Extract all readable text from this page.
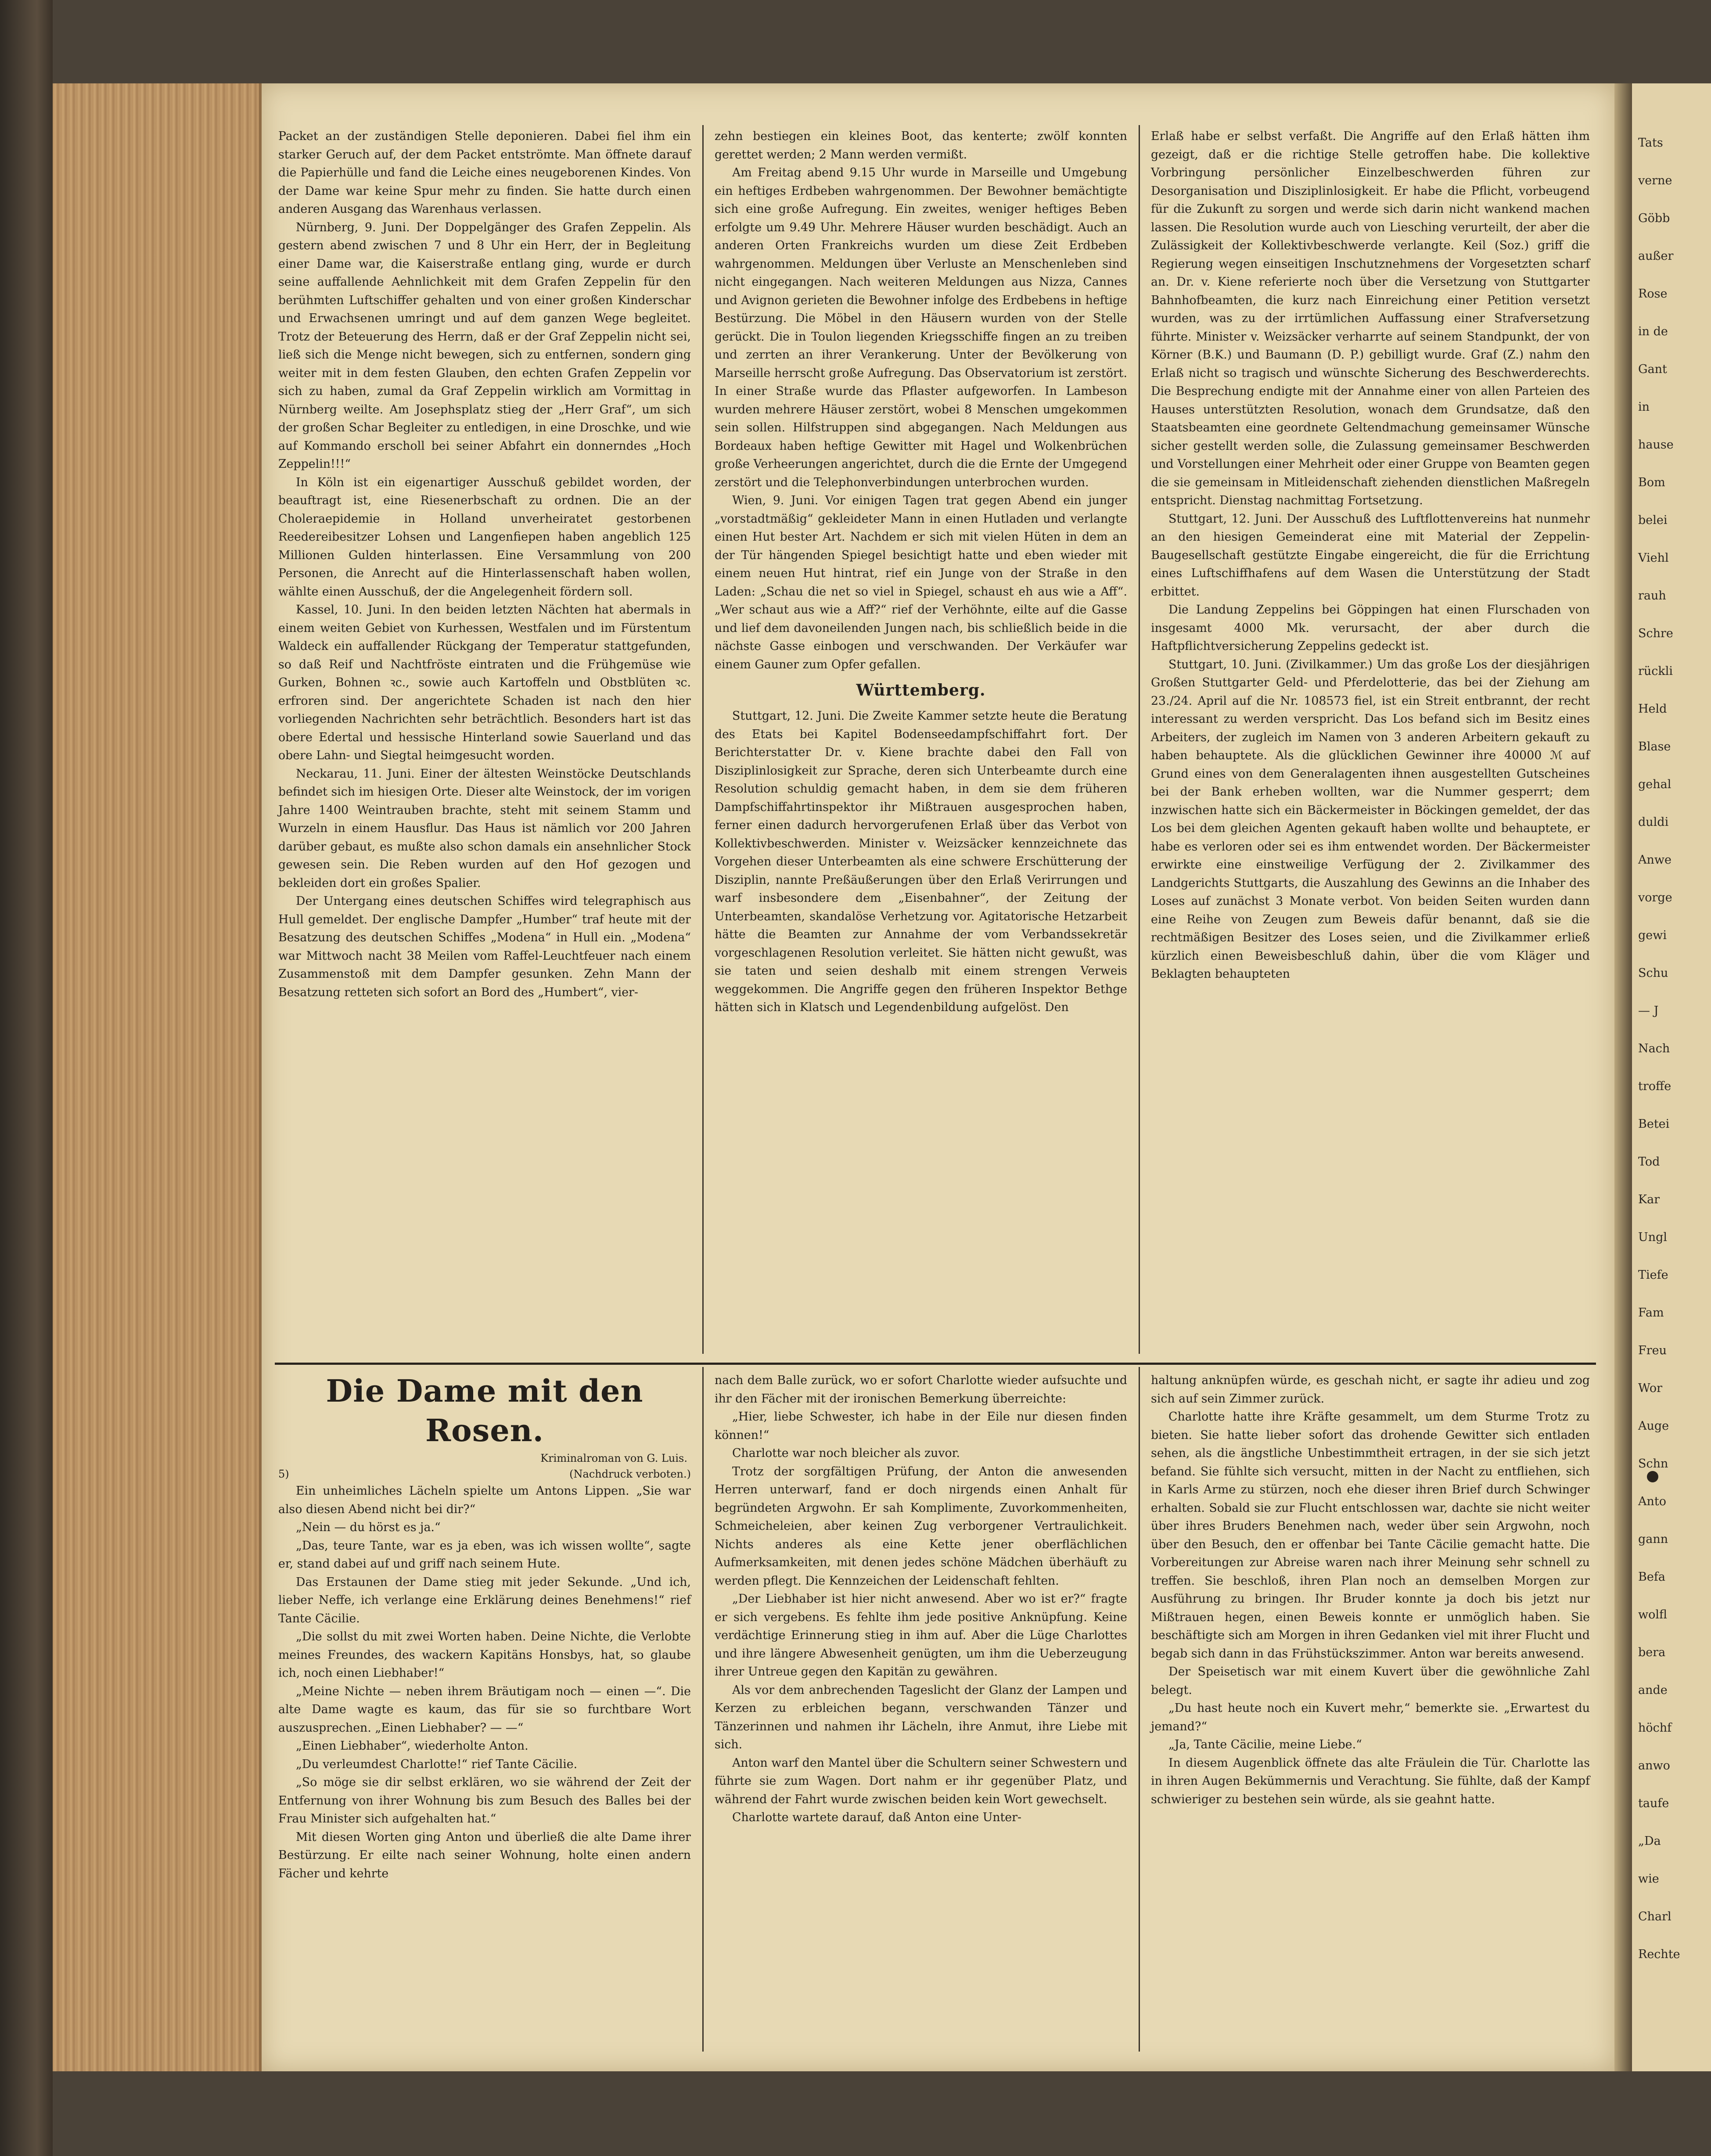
Packet an der zuständigen Stelle deponieren. Dabei fiel ihm ein starker Geruch auf, der dem Packet entströmte. Man öffnete darauf die Papierhülle und fand die Leiche eines neugeborenen Kindes. Von der Dame war keine Spur mehr zu finden. Sie hatte durch einen anderen Ausgang das Warenhaus verlassen.

Nürnberg, 9. Juni. Der Doppelgänger des Grafen Zeppelin. Als gestern abend zwischen 7 und 8 Uhr ein Herr, der in Begleitung einer Dame war, die Kaiserstraße entlang ging, wurde er durch seine auffallende Aehnlichkeit mit dem Grafen Zeppelin für den berühmten Luftschiffer gehalten und von einer großen Kinderschar und Erwachsenen umringt und auf dem ganzen Wege begleitet. Trotz der Beteuerung des Herrn, daß er der Graf Zeppelin nicht sei, ließ sich die Menge nicht bewegen, sich zu entfernen, sondern ging weiter mit in dem festen Glauben, den echten Grafen Zeppelin vor sich zu haben, zumal da Graf Zeppelin wirklich am Vormittag in Nürnberg weilte. Am Josephsplatz stieg der „Herr Graf“, um sich der großen Schar Begleiter zu entledigen, in eine Droschke, und wie auf Kommando erscholl bei seiner Abfahrt ein donnerndes „Hoch Zeppelin!!!“

In Köln ist ein eigenartiger Ausschuß gebildet worden, der beauftragt ist, eine Riesenerbschaft zu ordnen. Die an der Choleraepidemie in Holland unverheiratet gestorbenen Reedereibesitzer Lohsen und Langenfiepen haben angeblich 125 Millionen Gulden hinterlassen. Eine Versammlung von 200 Personen, die Anrecht auf die Hinterlassenschaft haben wollen, wählte einen Ausschuß, der die Angelegenheit fördern soll.

Kassel, 10. Juni. In den beiden letzten Nächten hat abermals in einem weiten Gebiet von Kurhessen, Westfalen und im Fürstentum Waldeck ein auffallender Rückgang der Temperatur stattgefunden, so daß Reif und Nachtfröste eintraten und die Frühgemüse wie Gurken, Bohnen ꝛc., sowie auch Kartoffeln und Obstblüten ꝛc. erfroren sind. Der angerichtete Schaden ist nach den hier vorliegenden Nachrichten sehr beträchtlich. Besonders hart ist das obere Edertal und hessische Hinterland sowie Sauerland und das obere Lahn- und Siegtal heimgesucht worden.

Neckarau, 11. Juni. Einer der ältesten Weinstöcke Deutschlands befindet sich im hiesigen Orte. Dieser alte Weinstock, der im vorigen Jahre 1400 Weintrauben brachte, steht mit seinem Stamm und Wurzeln in einem Hausflur. Das Haus ist nämlich vor 200 Jahren darüber gebaut, es mußte also schon damals ein ansehnlicher Stock gewesen sein. Die Reben wurden auf den Hof gezogen und bekleiden dort ein großes Spalier.

Der Untergang eines deutschen Schiffes wird telegraphisch aus Hull gemeldet. Der englische Dampfer „Humber“ traf heute mit der Besatzung des deutschen Schiffes „Modena“ in Hull ein. „Modena“ war Mittwoch nacht 38 Meilen vom Raffel-Leuchtfeuer nach einem Zusammenstoß mit dem Dampfer gesunken. Zehn Mann der Besatzung retteten sich sofort an Bord des „Humbert“, vier-

zehn bestiegen ein kleines Boot, das kenterte; zwölf konnten gerettet werden; 2 Mann werden vermißt.

Am Freitag abend 9.15 Uhr wurde in Marseille und Umgebung ein heftiges Erdbeben wahrgenommen. Der Bewohner bemächtigte sich eine große Aufregung. Ein zweites, weniger heftiges Beben erfolgte um 9.49 Uhr. Mehrere Häuser wurden beschädigt. Auch an anderen Orten Frankreichs wurden um diese Zeit Erdbeben wahrgenommen. Meldungen über Verluste an Menschenleben sind nicht eingegangen. Nach weiteren Meldungen aus Nizza, Cannes und Avignon gerieten die Bewohner infolge des Erdbebens in heftige Bestürzung. Die Möbel in den Häusern wurden von der Stelle gerückt. Die in Toulon liegenden Kriegsschiffe fingen an zu treiben und zerrten an ihrer Verankerung. Unter der Bevölkerung von Marseille herrscht große Aufregung. Das Observatorium ist zerstört. In einer Straße wurde das Pflaster aufgeworfen. In Lambeson wurden mehrere Häuser zerstört, wobei 8 Menschen umgekommen sein sollen. Hilfstruppen sind abgegangen. Nach Meldungen aus Bordeaux haben heftige Gewitter mit Hagel und Wolkenbrüchen große Verheerungen angerichtet, durch die die Ernte der Umgegend zerstört und die Telephonverbindungen unterbrochen wurden.

Wien, 9. Juni. Vor einigen Tagen trat gegen Abend ein junger „vorstadtmäßig“ gekleideter Mann in einen Hutladen und verlangte einen Hut bester Art. Nachdem er sich mit vielen Hüten in dem an der Tür hängenden Spiegel besichtigt hatte und eben wieder mit einem neuen Hut hintrat, rief ein Junge von der Straße in den Laden: „Schau die net so viel in Spiegel, schaust eh aus wie a Aff“. „Wer schaut aus wie a Aff?“ rief der Verhöhnte, eilte auf die Gasse und lief dem davoneilenden Jungen nach, bis schließlich beide in die nächste Gasse einbogen und verschwanden. Der Verkäufer war einem Gauner zum Opfer gefallen.

Württemberg.

Stuttgart, 12. Juni. Die Zweite Kammer setzte heute die Beratung des Etats bei Kapitel Bodenseedampfschiffahrt fort. Der Berichterstatter Dr. v. Kiene brachte dabei den Fall von Disziplinlosigkeit zur Sprache, deren sich Unterbeamte durch eine Resolution schuldig gemacht haben, in dem sie dem früheren Dampfschiffahrtinspektor ihr Mißtrauen ausgesprochen haben, ferner einen dadurch hervorgerufenen Erlaß über das Verbot von Kollektivbeschwerden. Minister v. Weizsäcker kennzeichnete das Vorgehen dieser Unterbeamten als eine schwere Erschütterung der Disziplin, nannte Preßäußerungen über den Erlaß Verirrungen und warf insbesondere dem „Eisenbahner“, der Zeitung der Unterbeamten, skandalöse Verhetzung vor. Agitatorische Hetzarbeit hätte die Beamten zur Annahme der vom Verbandssekretär vorgeschlagenen Resolution verleitet. Sie hätten nicht gewußt, was sie taten und seien deshalb mit einem strengen Verweis weggekommen. Die Angriffe gegen den früheren Inspektor Bethge hätten sich in Klatsch und Legendenbildung aufgelöst. Den

Erlaß habe er selbst verfaßt. Die Angriffe auf den Erlaß hätten ihm gezeigt, daß er die richtige Stelle getroffen habe. Die kollektive Vorbringung persönlicher Einzelbeschwerden führen zur Desorganisation und Disziplinlosigkeit. Er habe die Pflicht, vorbeugend für die Zukunft zu sorgen und werde sich darin nicht wankend machen lassen. Die Resolution wurde auch von Liesching verurteilt, der aber die Zulässigkeit der Kollektivbeschwerde verlangte. Keil (Soz.) griff die Regierung wegen einseitigen Inschutznehmens der Vorgesetzten scharf an. Dr. v. Kiene referierte noch über die Versetzung von Stuttgarter Bahnhofbeamten, die kurz nach Einreichung einer Petition versetzt wurden, was zu der irrtümlichen Auffassung einer Strafversetzung führte. Minister v. Weizsäcker verharrte auf seinem Standpunkt, der von Körner (B.K.) und Baumann (D. P.) gebilligt wurde. Graf (Z.) nahm den Erlaß nicht so tragisch und wünschte Sicherung des Beschwerderechts. Die Besprechung endigte mit der Annahme einer von allen Parteien des Hauses unterstützten Resolution, wonach dem Grundsatze, daß den Staatsbeamten eine geordnete Geltendmachung gemeinsamer Wünsche sicher gestellt werden solle, die Zulassung gemeinsamer Beschwerden und Vorstellungen einer Mehrheit oder einer Gruppe von Beamten gegen die sie gemeinsam in Mitleidenschaft ziehenden dienstlichen Maßregeln entspricht. Dienstag nachmittag Fortsetzung.

Stuttgart, 12. Juni. Der Ausschuß des Luftflottenvereins hat nunmehr an den hiesigen Gemeinderat eine mit Material der Zeppelin-Baugesellschaft gestützte Eingabe eingereicht, die für die Errichtung eines Luftschiffhafens auf dem Wasen die Unterstützung der Stadt erbittet.

Die Landung Zeppelins bei Göppingen hat einen Flurschaden von insgesamt 4000 Mk. verursacht, der aber durch die Haftpflichtversicherung Zeppelins gedeckt ist.

Stuttgart, 10. Juni. (Zivilkammer.) Um das große Los der diesjährigen Großen Stuttgarter Geld- und Pferdelotterie, das bei der Ziehung am 23./24. April auf die Nr. 108573 fiel, ist ein Streit entbrannt, der recht interessant zu werden verspricht. Das Los befand sich im Besitz eines Arbeiters, der zugleich im Namen von 3 anderen Arbeitern gekauft zu haben behauptete. Als die glücklichen Gewinner ihre 40000 ℳ auf Grund eines von dem Generalagenten ihnen ausgestellten Gutscheines bei der Bank erheben wollten, war die Nummer gesperrt; dem inzwischen hatte sich ein Bäckermeister in Böckingen gemeldet, der das Los bei dem gleichen Agenten gekauft haben wollte und behauptete, er habe es verloren oder sei es ihm entwendet worden. Der Bäckermeister erwirkte eine einstweilige Verfügung der 2. Zivilkammer des Landgerichts Stuttgarts, die Auszahlung des Gewinns an die Inhaber des Loses auf zunächst 3 Monate verbot. Von beiden Seiten wurden dann eine Reihe von Zeugen zum Beweis dafür benannt, daß sie die rechtmäßigen Besitzer des Loses seien, und die Zivilkammer erließ kürzlich einen Beweisbeschluß dahin, über die vom Kläger und Beklagten behaupteten

Die Dame mit den Rosen.
Kriminalroman von G. Luis.
5)	(Nachdruck verboten.)

Ein unheimliches Lächeln spielte um Antons Lippen. „Sie war also diesen Abend nicht bei dir?“

„Nein — du hörst es ja.“

„Das, teure Tante, war es ja eben, was ich wissen wollte“, sagte er, stand dabei auf und griff nach seinem Hute.

Das Erstaunen der Dame stieg mit jeder Sekunde. „Und ich, lieber Neffe, ich verlange eine Erklärung deines Benehmens!“ rief Tante Cäcilie.

„Die sollst du mit zwei Worten haben. Deine Nichte, die Verlobte meines Freundes, des wackern Kapitäns Honsbys, hat, so glaube ich, noch einen Liebhaber!“

„Meine Nichte — neben ihrem Bräutigam noch — einen —“. Die alte Dame wagte es kaum, das für sie so furchtbare Wort auszusprechen. „Einen Liebhaber? — —“

„Einen Liebhaber“, wiederholte Anton.

„Du verleumdest Charlotte!“ rief Tante Cäcilie.

„So möge sie dir selbst erklären, wo sie während der Zeit der Entfernung von ihrer Wohnung bis zum Besuch des Balles bei der Frau Minister sich aufgehalten hat.“

Mit diesen Worten ging Anton und überließ die alte Dame ihrer Bestürzung. Er eilte nach seiner Wohnung, holte einen andern Fächer und kehrte

nach dem Balle zurück, wo er sofort Charlotte wieder aufsuchte und ihr den Fächer mit der ironischen Bemerkung überreichte:

„Hier, liebe Schwester, ich habe in der Eile nur diesen finden können!“

Charlotte war noch bleicher als zuvor.

Trotz der sorgfältigen Prüfung, der Anton die anwesenden Herren unterwarf, fand er doch nirgends einen Anhalt für begründeten Argwohn. Er sah Komplimente, Zuvorkommenheiten, Schmeicheleien, aber keinen Zug verborgener Vertraulichkeit. Nichts anderes als eine Kette jener oberflächlichen Aufmerksamkeiten, mit denen jedes schöne Mädchen überhäuft zu werden pflegt. Die Kennzeichen der Leidenschaft fehlten.

„Der Liebhaber ist hier nicht anwesend. Aber wo ist er?“ fragte er sich vergebens. Es fehlte ihm jede positive Anknüpfung. Keine verdächtige Erinnerung stieg in ihm auf. Aber die Lüge Charlottes und ihre längere Abwesenheit genügten, um ihm die Ueberzeugung ihrer Untreue gegen den Kapitän zu gewähren.

Als vor dem anbrechenden Tageslicht der Glanz der Lampen und Kerzen zu erbleichen begann, verschwanden Tänzer und Tänzerinnen und nahmen ihr Lächeln, ihre Anmut, ihre Liebe mit sich.

Anton warf den Mantel über die Schultern seiner Schwestern und führte sie zum Wagen. Dort nahm er ihr gegenüber Platz, und während der Fahrt wurde zwischen beiden kein Wort gewechselt.

Charlotte wartete darauf, daß Anton eine Unter-

haltung anknüpfen würde, es geschah nicht, er sagte ihr adieu und zog sich auf sein Zimmer zurück.

Charlotte hatte ihre Kräfte gesammelt, um dem Sturme Trotz zu bieten. Sie hatte lieber sofort das drohende Gewitter sich entladen sehen, als die ängstliche Unbestimmtheit ertragen, in der sie sich jetzt befand. Sie fühlte sich versucht, mitten in der Nacht zu entfliehen, sich in Karls Arme zu stürzen, noch ehe dieser ihren Brief durch Schwinger erhalten. Sobald sie zur Flucht entschlossen war, dachte sie nicht weiter über ihres Bruders Benehmen nach, weder über sein Argwohn, noch über den Besuch, den er offenbar bei Tante Cäcilie gemacht hatte. Die Vorbereitungen zur Abreise waren nach ihrer Meinung sehr schnell zu treffen. Sie beschloß, ihren Plan noch an demselben Morgen zur Ausführung zu bringen. Ihr Bruder konnte ja doch bis jetzt nur Mißtrauen hegen, einen Beweis konnte er unmöglich haben. Sie beschäftigte sich am Morgen in ihren Gedanken viel mit ihrer Flucht und begab sich dann in das Frühstückszimmer. Anton war bereits anwesend.

Der Speisetisch war mit einem Kuvert über die gewöhnliche Zahl belegt.

„Du hast heute noch ein Kuvert mehr,“ bemerkte sie. „Erwartest du jemand?“

„Ja, Tante Cäcilie, meine Liebe.“

In diesem Augenblick öffnete das alte Fräulein die Tür. Charlotte las in ihren Augen Bekümmernis und Verachtung. Sie fühlte, daß der Kampf schwieriger zu bestehen sein würde, als sie geahnt hatte.

Tats
verne
Göbb
außer
Rose
in de
Gant
in
hause
Bom
belei
Viehl
rauh
Schre
rückli
Held
Blase
gehal
duldi
Anwe
vorge
gewi
Schu
— J
Nach
troffe
Betei
Tod
Kar
Ungl
Tiefe
Fam
Freu
Wor
Auge
Schn
Anto
gann
Befa
wolfl
bera
ande
höchf
anwo
taufe
„Da
wie
Charl
Rechte
